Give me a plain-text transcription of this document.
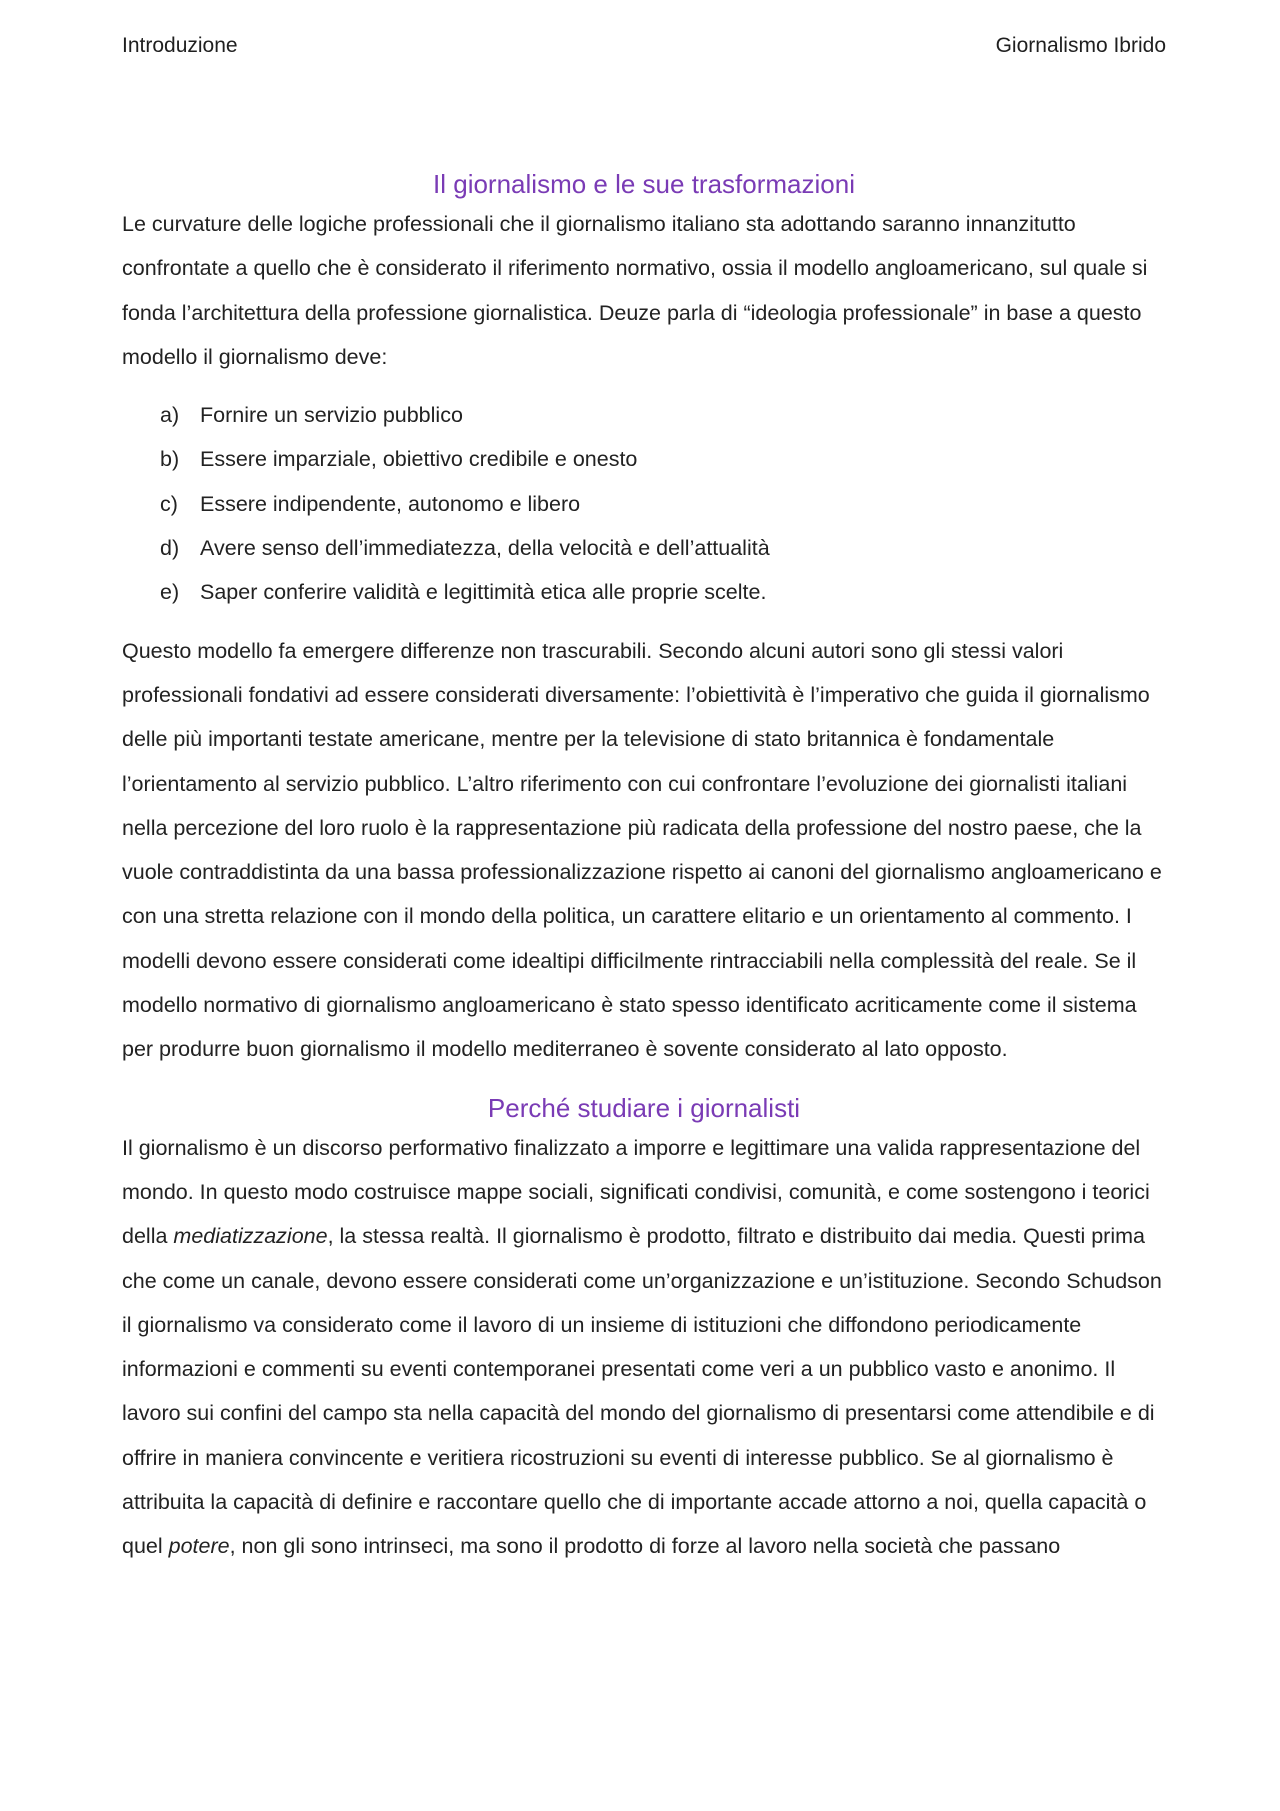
Introduzione	Giornalismo Ibrido
Il giornalismo e le sue trasformazioni

Le curvature delle logiche professionali che il giornalismo italiano sta adottando saranno innanzitutto confrontate a quello che è considerato il riferimento normativo, ossia il modello angloamericano, sul quale si fonda l’architettura della professione giornalistica. Deuze parla di “ideologia professionale” in base a questo modello il giornalismo deve:

a) Fornire un servizio pubblico
b) Essere imparziale, obiettivo credibile e onesto
c)	Essere indipendente, autonomo e libero
d) Avere senso dell’immediatezza, della velocità e dell’attualità
e) Saper conferire validità e legittimità etica alle proprie scelte.

Questo modello fa emergere differenze non trascurabili. Secondo alcuni autori sono gli stessi valori professionali fondativi ad essere considerati diversamente: l’obiettività è l’imperativo che guida il giornalismo delle più importanti testate americane, mentre per la televisione di stato britannica è fondamentale l’orientamento al servizio pubblico. L’altro riferimento con cui confrontare l’evoluzione dei giornalisti italiani nella percezione del loro ruolo è la rappresentazione più radicata della professione del nostro paese, che la vuole contraddistinta da una bassa professionalizzazione rispetto ai canoni del giornalismo angloamericano e con una stretta relazione con il mondo della politica, un carattere elitario e un orientamento al commento. I modelli devono essere considerati come idealtipi difficilmente rintracciabili nella complessità del reale. Se il modello normativo di giornalismo angloamericano è stato spesso identificato acriticamente come il sistema per produrre buon giornalismo il modello mediterraneo è sovente considerato al lato opposto.

Perché studiare i giornalisti

Il giornalismo è un discorso performativo finalizzato a imporre e legittimare una valida rappresentazione del mondo. In questo modo costruisce mappe sociali, significati condivisi, comunità, e come sostengono i teorici della mediatizzazione, la stessa realtà. Il giornalismo è prodotto, filtrato e distribuito dai media. Questi prima che come un canale, devono essere considerati come un’organizzazione e un’istituzione. Secondo Schudson il giornalismo va considerato come il lavoro di un insieme di istituzioni che diffondono periodicamente informazioni e commenti su eventi contemporanei presentati come veri a un pubblico vasto e anonimo. Il lavoro sui confini del campo sta nella capacità del mondo del giornalismo di presentarsi come attendibile e di offrire in maniera convincente e veritiera ricostruzioni su eventi di interesse pubblico. Se al giornalismo è attribuita la capacità di definire e raccontare quello che di importante accade attorno a noi, quella capacità o quel potere, non gli sono intrinseci, ma sono il prodotto di forze al lavoro nella società che passano
